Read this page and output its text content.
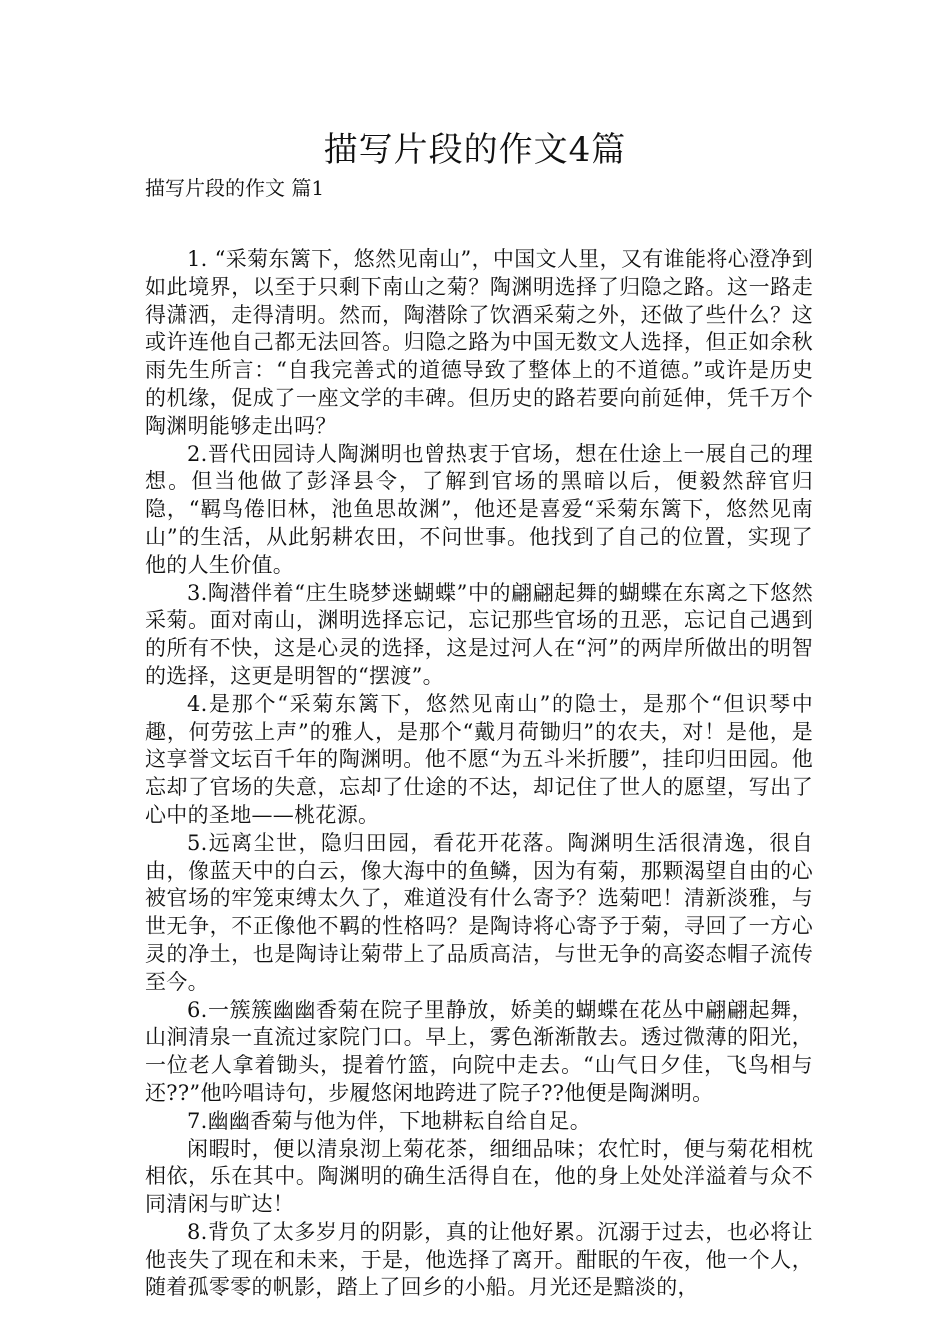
描写片段的作文4篇
描写片段的作文 篇1

1. “采菊东篱下，悠然见南山”，中国文人里，又有谁能将心澄净到如此境界，以至于只剩下南山之菊？陶渊明选择了归隐之路。这一路走得潇洒，走得清明。然而，陶潜除了饮酒采菊之外，还做了些什么？这或许连他自己都无法回答。归隐之路为中国无数文人选择，但正如余秋雨先生所言：“自我完善式的道德导致了整体上的不道德。”或许是历史的机缘，促成了一座文学的丰碑。但历史的路若要向前延伸，凭千万个陶渊明能够走出吗？

2.晋代田园诗人陶渊明也曾热衷于官场，想在仕途上一展自己的理想。但当他做了彭泽县令，了解到官场的黑暗以后，便毅然辞官归隐，“羁鸟倦旧林，池鱼思故渊”，他还是喜爱“采菊东篱下，悠然见南山”的生活，从此躬耕农田，不问世事。他找到了自己的位置，实现了他的人生价值。

3.陶潜伴着“庄生晓梦迷蝴蝶”中的翩翩起舞的蝴蝶在东离之下悠然采菊。面对南山，渊明选择忘记，忘记那些官场的丑恶，忘记自己遇到的所有不快，这是心灵的选择，这是过河人在“河”的两岸所做出的明智的选择，这更是明智的“摆渡”。

4.是那个“采菊东篱下，悠然见南山”的隐士，是那个“但识琴中趣，何劳弦上声”的雅人，是那个“戴月荷锄归”的农夫，对！是他，是这享誉文坛百千年的陶渊明。他不愿“为五斗米折腰”，挂印归田园。他忘却了官场的失意，忘却了仕途的不达，却记住了世人的愿望，写出了心中的圣地——桃花源。

5.远离尘世，隐归田园，看花开花落。陶渊明生活很清逸，很自由，像蓝天中的白云，像大海中的鱼鳞，因为有菊，那颗渴望自由的心被官场的牢笼束缚太久了，难道没有什么寄予？选菊吧！清新淡雅，与世无争，不正像他不羁的性格吗？是陶诗将心寄予于菊，寻回了一方心灵的净土，也是陶诗让菊带上了品质高洁，与世无争的高姿态帽子流传至今。

6.一簇簇幽幽香菊在院子里静放，娇美的蝴蝶在花丛中翩翩起舞，山涧清泉一直流过家院门口。早上，雾色渐渐散去。透过微薄的阳光，一位老人拿着锄头，提着竹篮，向院中走去。“山气日夕佳，飞鸟相与还??”他吟唱诗句，步履悠闲地跨进了院子??他便是陶渊明。

7.幽幽香菊与他为伴，下地耕耘自给自足。

闲暇时，便以清泉沏上菊花茶，细细品味；农忙时，便与菊花相枕相依，乐在其中。陶渊明的确生活得自在，他的身上处处洋溢着与众不同清闲与旷达！

8.背负了太多岁月的阴影，真的让他好累。沉溺于过去，也必将让他丧失了现在和未来，于是，他选择了离开。酣眠的午夜，他一个人，随着孤零零的帆影，踏上了回乡的小船。月光还是黯淡的，
